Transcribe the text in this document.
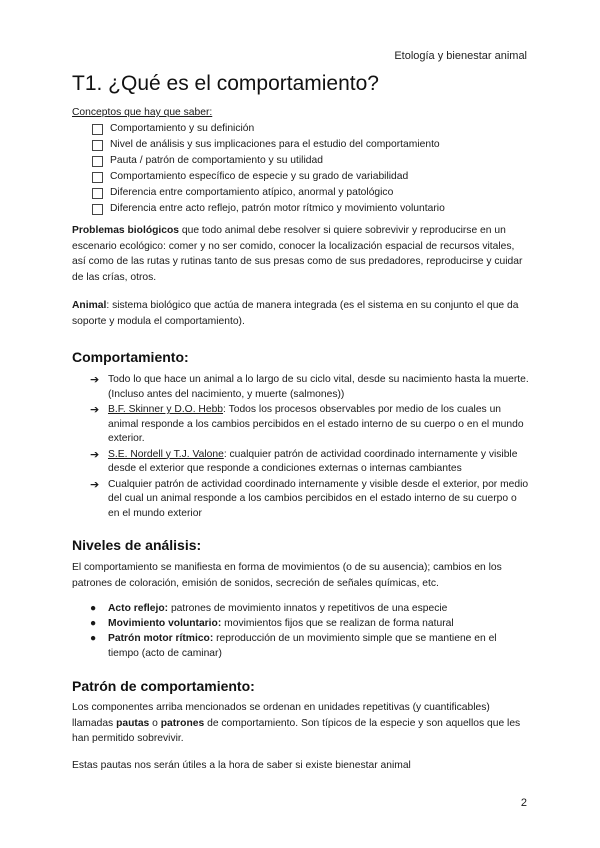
Etología y bienestar animal
T1. ¿Qué es el comportamiento?
Conceptos que hay que saber:
Comportamiento y su definición
Nivel de análisis y sus implicaciones para el estudio del comportamiento
Pauta / patrón de comportamiento y su utilidad
Comportamiento específico de especie y su grado de variabilidad
Diferencia entre comportamiento atípico, anormal y patológico
Diferencia entre acto reflejo, patrón motor rítmico y movimiento voluntario

Problemas biológicos que todo animal debe resolver si quiere sobrevivir y reproducirse en un escenario ecológico: comer y no ser comido, conocer la localización espacial de recursos vitales, así como de las rutas y rutinas tanto de sus presas como de sus predadores, reproducirse y cuidar de las crías, otros.

Animal: sistema biológico que actúa de manera integrada (es el sistema en su conjunto el que da soporte y modula el comportamiento).

Comportamiento:
➔ Todo lo que hace un animal a lo largo de su ciclo vital, desde su nacimiento hasta la muerte. (Incluso antes del nacimiento, y muerte (salmones))
➔ B.F. Skinner y D.O. Hebb: Todos los procesos observables por medio de los cuales un animal responde a los cambios percibidos en el estado interno de su cuerpo o en el mundo exterior.
➔ S.E. Nordell y T.J. Valone: cualquier patrón de actividad coordinado internamente y visible desde el exterior que responde a condiciones externas o internas cambiantes
➔ Cualquier patrón de actividad coordinado internamente y visible desde el exterior, por medio del cual un animal responde a los cambios percibidos en el estado interno de su cuerpo o en el mundo exterior
Niveles de análisis:

El comportamiento se manifiesta en forma de movimientos (o de su ausencia); cambios en los patrones de coloración, emisión de sonidos, secreción de señales químicas, etc.

●	Acto reflejo: patrones de movimiento innatos y repetitivos de una especie
●	Movimiento voluntario: movimientos fijos que se realizan de forma natural
●	Patrón motor rítmico: reproducción de un movimiento simple que se mantiene en el tiempo (acto de caminar)
Patrón de comportamiento:

Los componentes arriba mencionados se ordenan en unidades repetitivas (y cuantificables) llamadas pautas o patrones de comportamiento. Son típicos de la especie y son aquellos que les han permitido sobrevivir.

Estas pautas nos serán útiles a la hora de saber si existe bienestar animal

2
